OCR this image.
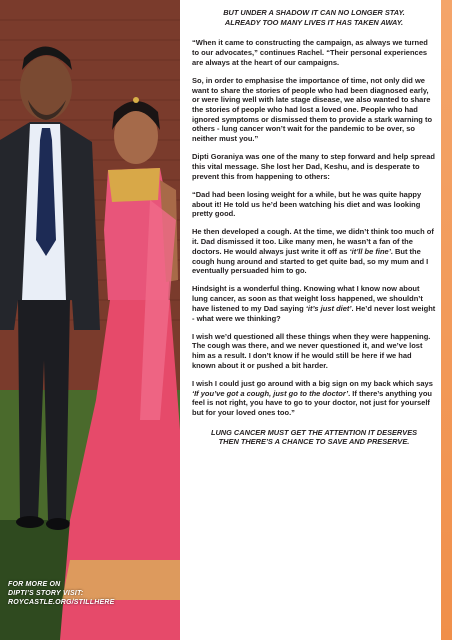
FOR MORE ON
DIPTI’S STORY VISIT:
ROYCASTLE.ORG/STILLHERE
BUT UNDER A SHADOW IT CAN NO LONGER STAY.
ALREADY TOO MANY LIVES IT HAS TAKEN AWAY.

“When it came to constructing the campaign, as always we turned to our advocates,” continues Rachel. “Their personal experiences are always at the heart of our campaigns.

So, in order to emphasise the importance of time, not only did we want to share the stories of people who had been diagnosed early, or were living well with late stage disease, we also wanted to share the stories of people who had lost a loved one. People who had ignored symptoms or dismissed them to provide a stark warning to others - lung cancer won’t wait for the pandemic to be over, so neither must you.”

Dipti Goraniya was one of the many to step forward and help spread this vital message. She lost her Dad, Keshu, and is desperate to prevent this from happening to others:

“Dad had been losing weight for a while, but he was quite happy about it! He told us he’d been watching his diet and was looking pretty good.

He then developed a cough. At the time, we didn’t think too much of it. Dad dismissed it too. Like many men, he wasn’t a fan of the doctors. He would always just write it off as ‘it’ll be fine’. But the cough hung around and started to get quite bad, so my mum and I eventually persuaded him to go.

Hindsight is a wonderful thing. Knowing what I know now about lung cancer, as soon as that weight loss happened, we shouldn’t have listened to my Dad saying ‘it’s just diet’. He’d never lost weight - what were we thinking?

I wish we’d questioned all these things when they were happening. The cough was there, and we never questioned it, and we’ve lost him as a result. I don’t know if he would still be here if we had known about it or pushed a bit harder.

I wish I could just go around with a big sign on my back which says ‘If you’ve got a cough, just go to the doctor’. If there’s anything you feel is not right, you have to go to your doctor, not just for yourself but for your loved ones too.”

LUNG CANCER MUST GET THE ATTENTION IT DESERVES
THEN THERE’S A CHANCE TO SAVE AND PRESERVE.
